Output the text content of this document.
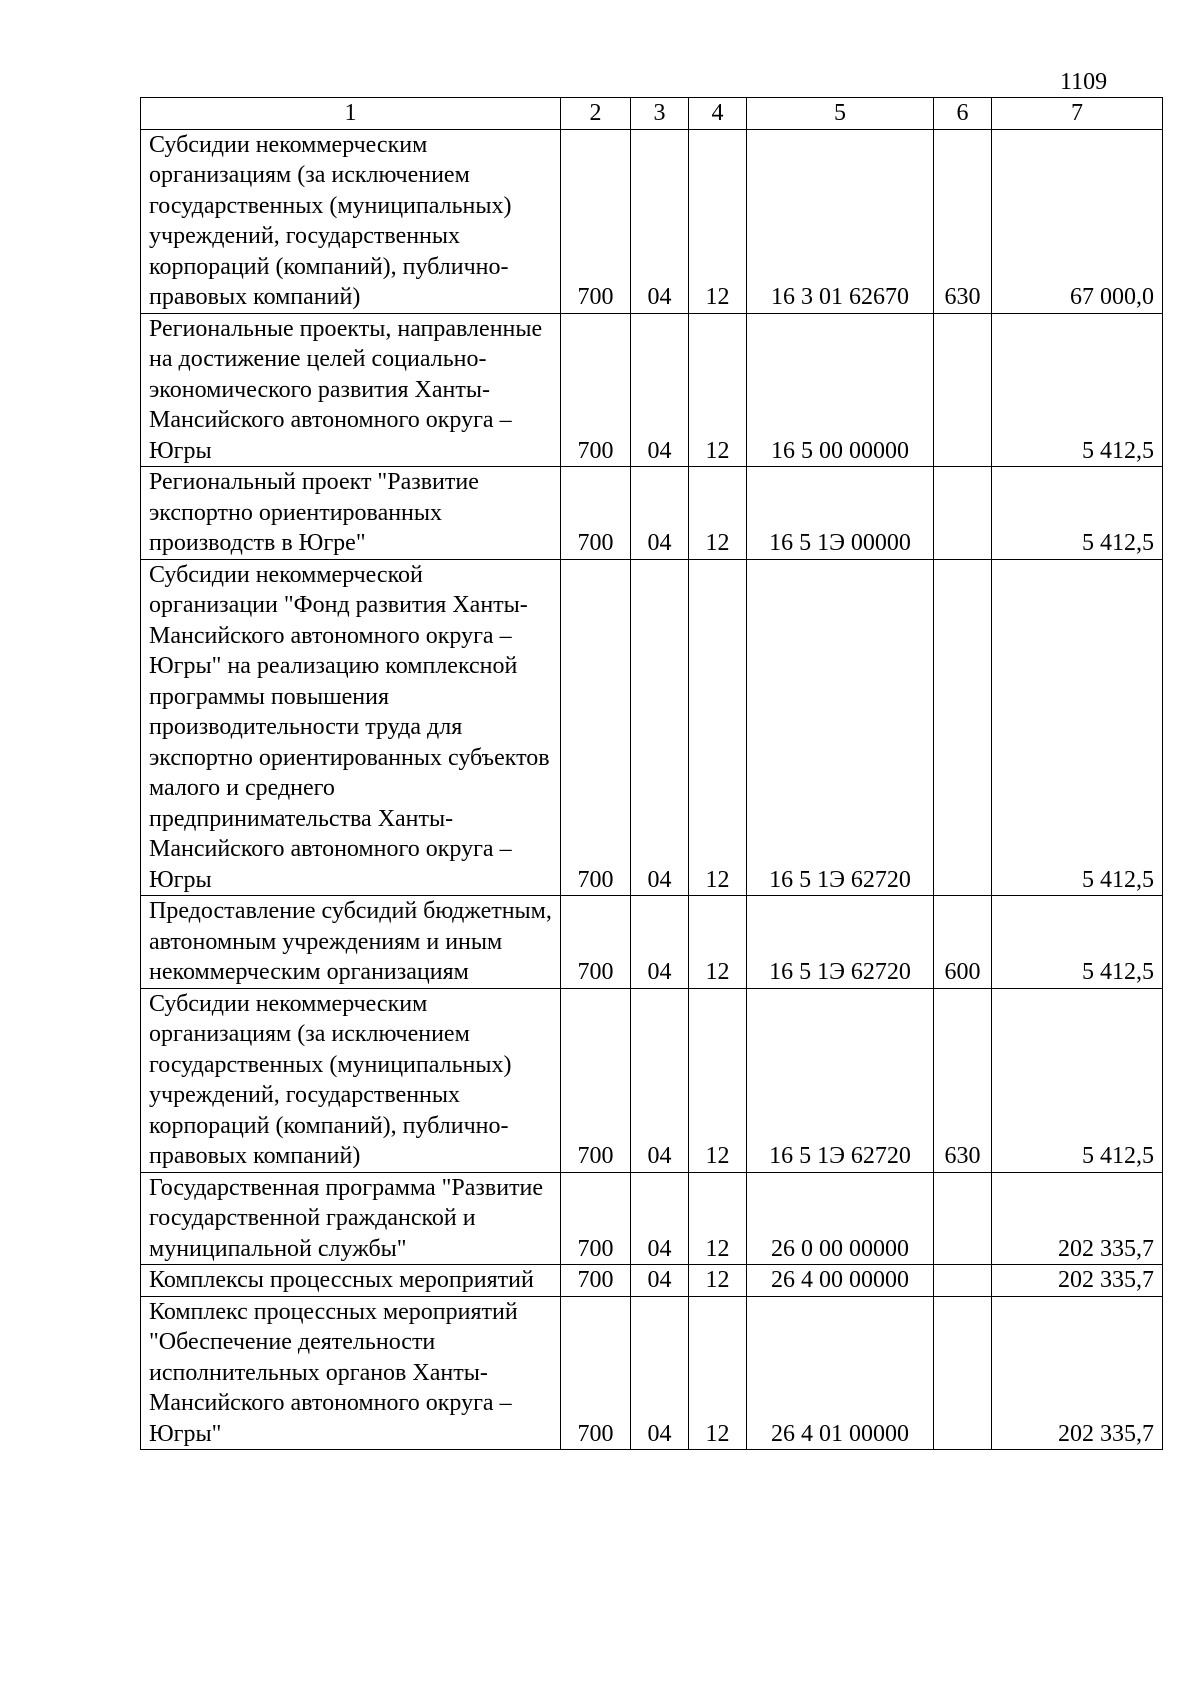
1109
1	2	3	4	5	6	7
Субсидии некоммерческим организациям (за исключением государственных (муниципальных) учреждений, государственных корпораций (компаний), публично-правовых компаний)	700	04	12	16 3 01 62670	630	67 000,0
Региональные проекты, направленные на достижение целей социально-экономического развития Ханты-Мансийского автономного округа – Югры	700	04	12	16 5 00 00000		5 412,5
Региональный проект "Развитие экспортно ориентированных производств в Югре"	700	04	12	16 5 1Э 00000		5 412,5
Субсидии некоммерческой организации "Фонд развития Ханты-Мансийского автономного округа – Югры" на реализацию комплексной программы повышения производительности труда для экспортно ориентированных субъектов малого и среднего предпринимательства Ханты-Мансийского автономного округа – Югры	700	04	12	16 5 1Э 62720		5 412,5
Предоставление субсидий бюджетным, автономным учреждениям и иным некоммерческим организациям	700	04	12	16 5 1Э 62720	600	5 412,5
Субсидии некоммерческим организациям (за исключением государственных (муниципальных) учреждений, государственных корпораций (компаний), публично-правовых компаний)	700	04	12	16 5 1Э 62720	630	5 412,5
Государственная программа "Развитие государственной гражданской и муниципальной службы"	700	04	12	26 0 00 00000		202 335,7
Комплексы процессных мероприятий	700	04	12	26 4 00 00000		202 335,7
Комплекс процессных мероприятий "Обеспечение деятельности исполнительных органов Ханты-Мансийского автономного округа – Югры"	700	04	12	26 4 01 00000		202 335,7
